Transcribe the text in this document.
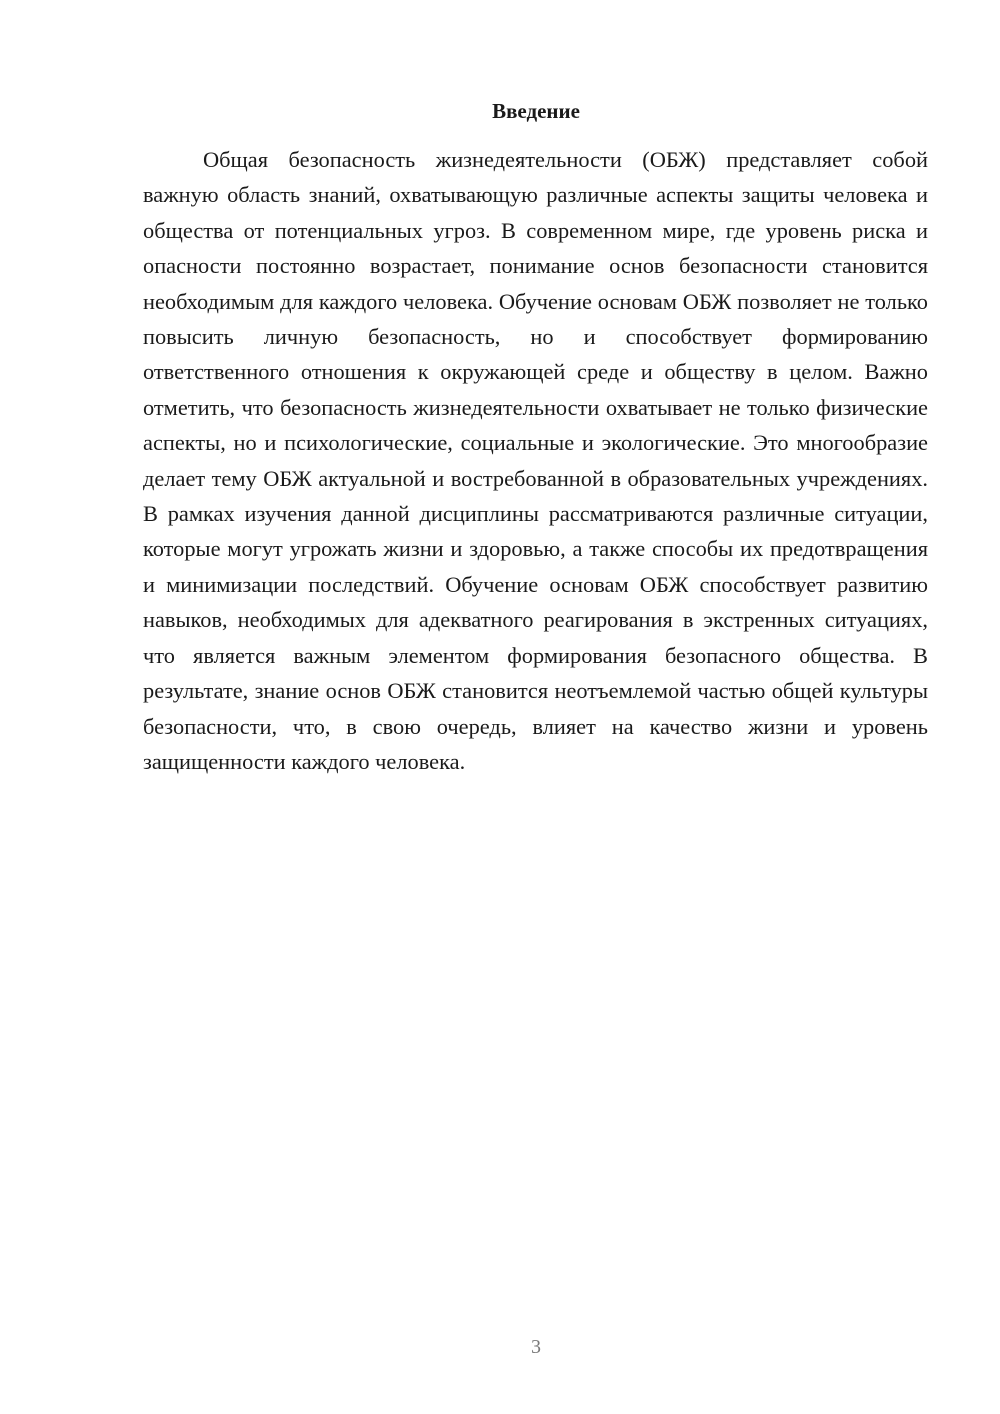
Введение

Общая безопасность жизнедеятельности (ОБЖ) представляет собой важную область знаний, охватывающую различные аспекты защиты человека и общества от потенциальных угроз. В современном мире, где уровень риска и опасности постоянно возрастает, понимание основ безопасности становится необходимым для каждого человека. Обучение основам ОБЖ позволяет не только повысить личную безопасность, но и способствует формированию ответственного отношения к окружающей среде и обществу в целом. Важно отметить, что безопасность жизнедеятельности охватывает не только физические аспекты, но и психологические, социальные и экологические. Это многообразие делает тему ОБЖ актуальной и востребованной в образовательных учреждениях. В рамках изучения данной дисциплины рассматриваются различные ситуации, которые могут угрожать жизни и здоровью, а также способы их предотвращения и минимизации последствий. Обучение основам ОБЖ способствует развитию навыков, необходимых для адекватного реагирования в экстренных ситуациях, что является важным элементом формирования безопасного общества. В результате, знание основ ОБЖ становится неотъемлемой частью общей культуры безопасности, что, в свою очередь, влияет на качество жизни и уровень защищенности каждого человека.

3
